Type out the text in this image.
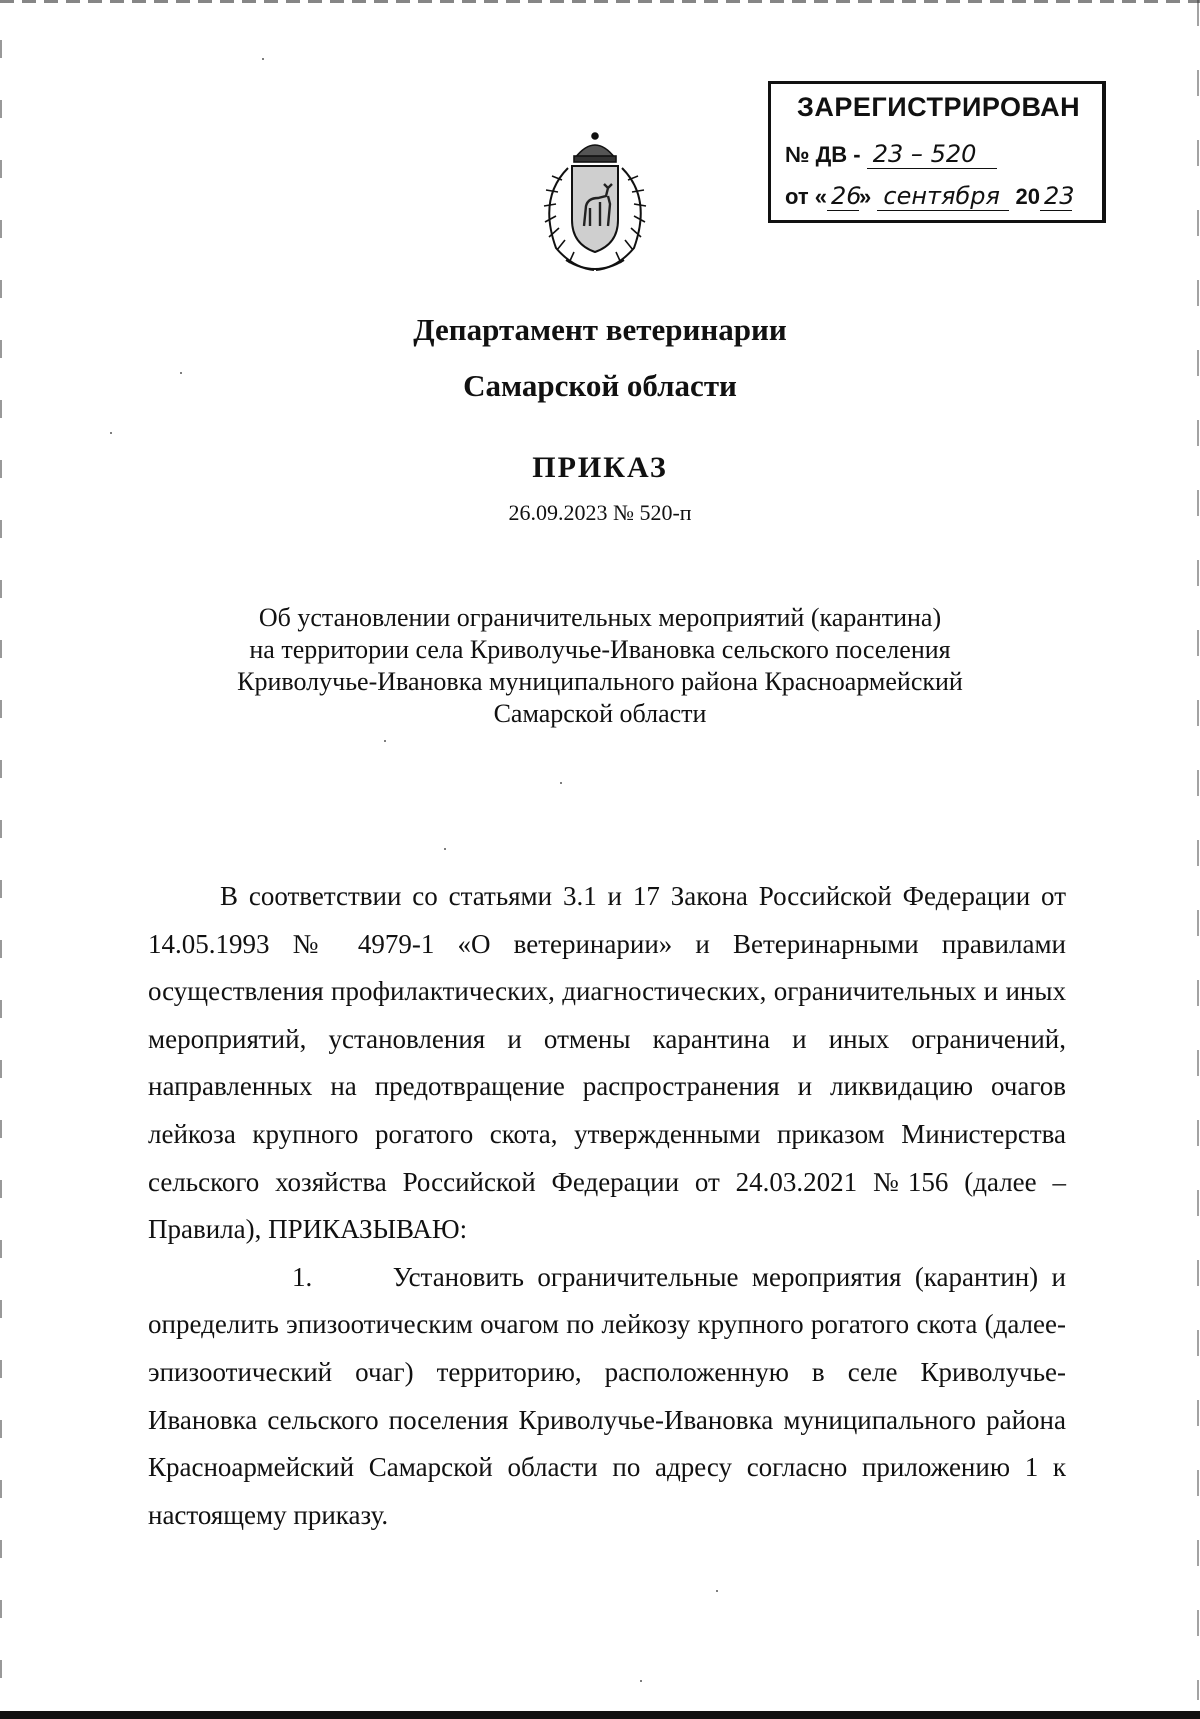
ЗАРЕГИСТРИРОВАН
№ ДВ - 23 – 520
от « 26» сентября 20 23
Департамент ветеринарии
Самарской области
ПРИКАЗ
26.09.2023 № 520-п
Об установлении ограничительных мероприятий (карантина)
на территории села Криволучье-Ивановка сельского поселения
Криволучье-Ивановка муниципального района Красноармейский
Самарской области

В соответствии со статьями 3.1 и 17 Закона Российской Федерации от 14.05.1993 № 4979-1 «О ветеринарии» и Ветеринарными правилами осуществления профилактических, диагностических, ограничительных и иных мероприятий, установления и отмены карантина и иных ограничений, направленных на предотвращение распространения и ликвидацию очагов лейкоза крупного рогатого скота, утвержденными приказом Министерства сельского хозяйства Российской Федерации от 24.03.2021 №156 (далее – Правила), ПРИКАЗЫВАЮ:

1.	Установить ограничительные мероприятия (карантин) и определить эпизоотическим очагом по лейкозу крупного рогатого скота (далее-эпизоотический очаг) территорию, расположенную в селе Криволучье-Ивановка сельского поселения Криволучье-Ивановка муниципального района Красноармейский Самарской области по адресу согласно приложению 1 к настоящему приказу.
